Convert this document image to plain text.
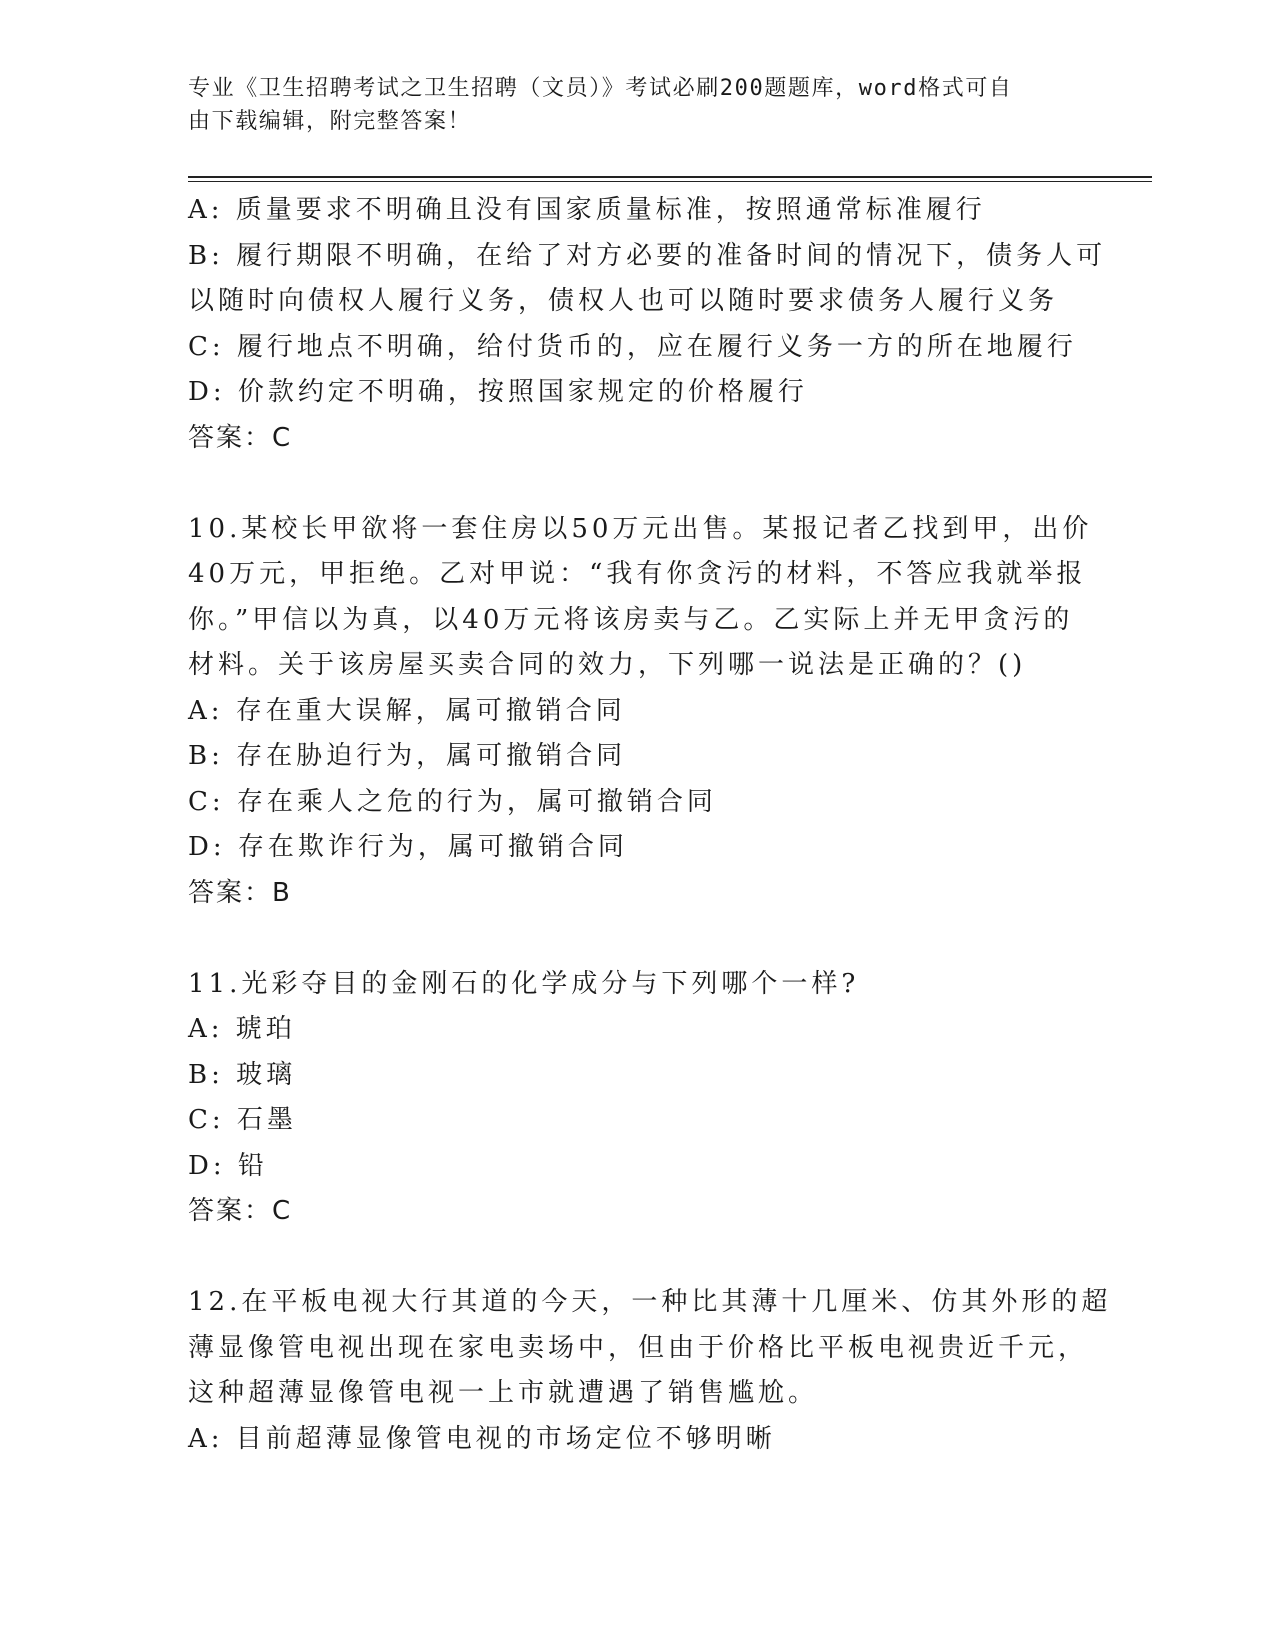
专业《卫生招聘考试之卫生招聘（文员）》考试必刷200题题库，word格式可自
由下载编辑，附完整答案！
A: 质量要求不明确且没有国家质量标准，按照通常标准履行
B: 履行期限不明确，在给了对方必要的准备时间的情况下，债务人可
以随时向债权人履行义务，债权人也可以随时要求债务人履行义务
C: 履行地点不明确，给付货币的，应在履行义务一方的所在地履行
D: 价款约定不明确，按照国家规定的价格履行
答案：C
10.某校长甲欲将一套住房以50万元出售。某报记者乙找到甲，出价
40万元，甲拒绝。乙对甲说：“我有你贪污的材料，不答应我就举报
你。”甲信以为真，以40万元将该房卖与乙。乙实际上并无甲贪污的
材料。关于该房屋买卖合同的效力，下列哪一说法是正确的？()
A: 存在重大误解，属可撤销合同
B: 存在胁迫行为，属可撤销合同
C: 存在乘人之危的行为，属可撤销合同
D: 存在欺诈行为，属可撤销合同
答案：B
11.光彩夺目的金刚石的化学成分与下列哪个一样?
A: 琥珀
B: 玻璃
C: 石墨
D: 铅
答案：C
12.在平板电视大行其道的今天，一种比其薄十几厘米、仿其外形的超
薄显像管电视出现在家电卖场中，但由于价格比平板电视贵近千元，
这种超薄显像管电视一上市就遭遇了销售尴尬。
A: 目前超薄显像管电视的市场定位不够明晰
